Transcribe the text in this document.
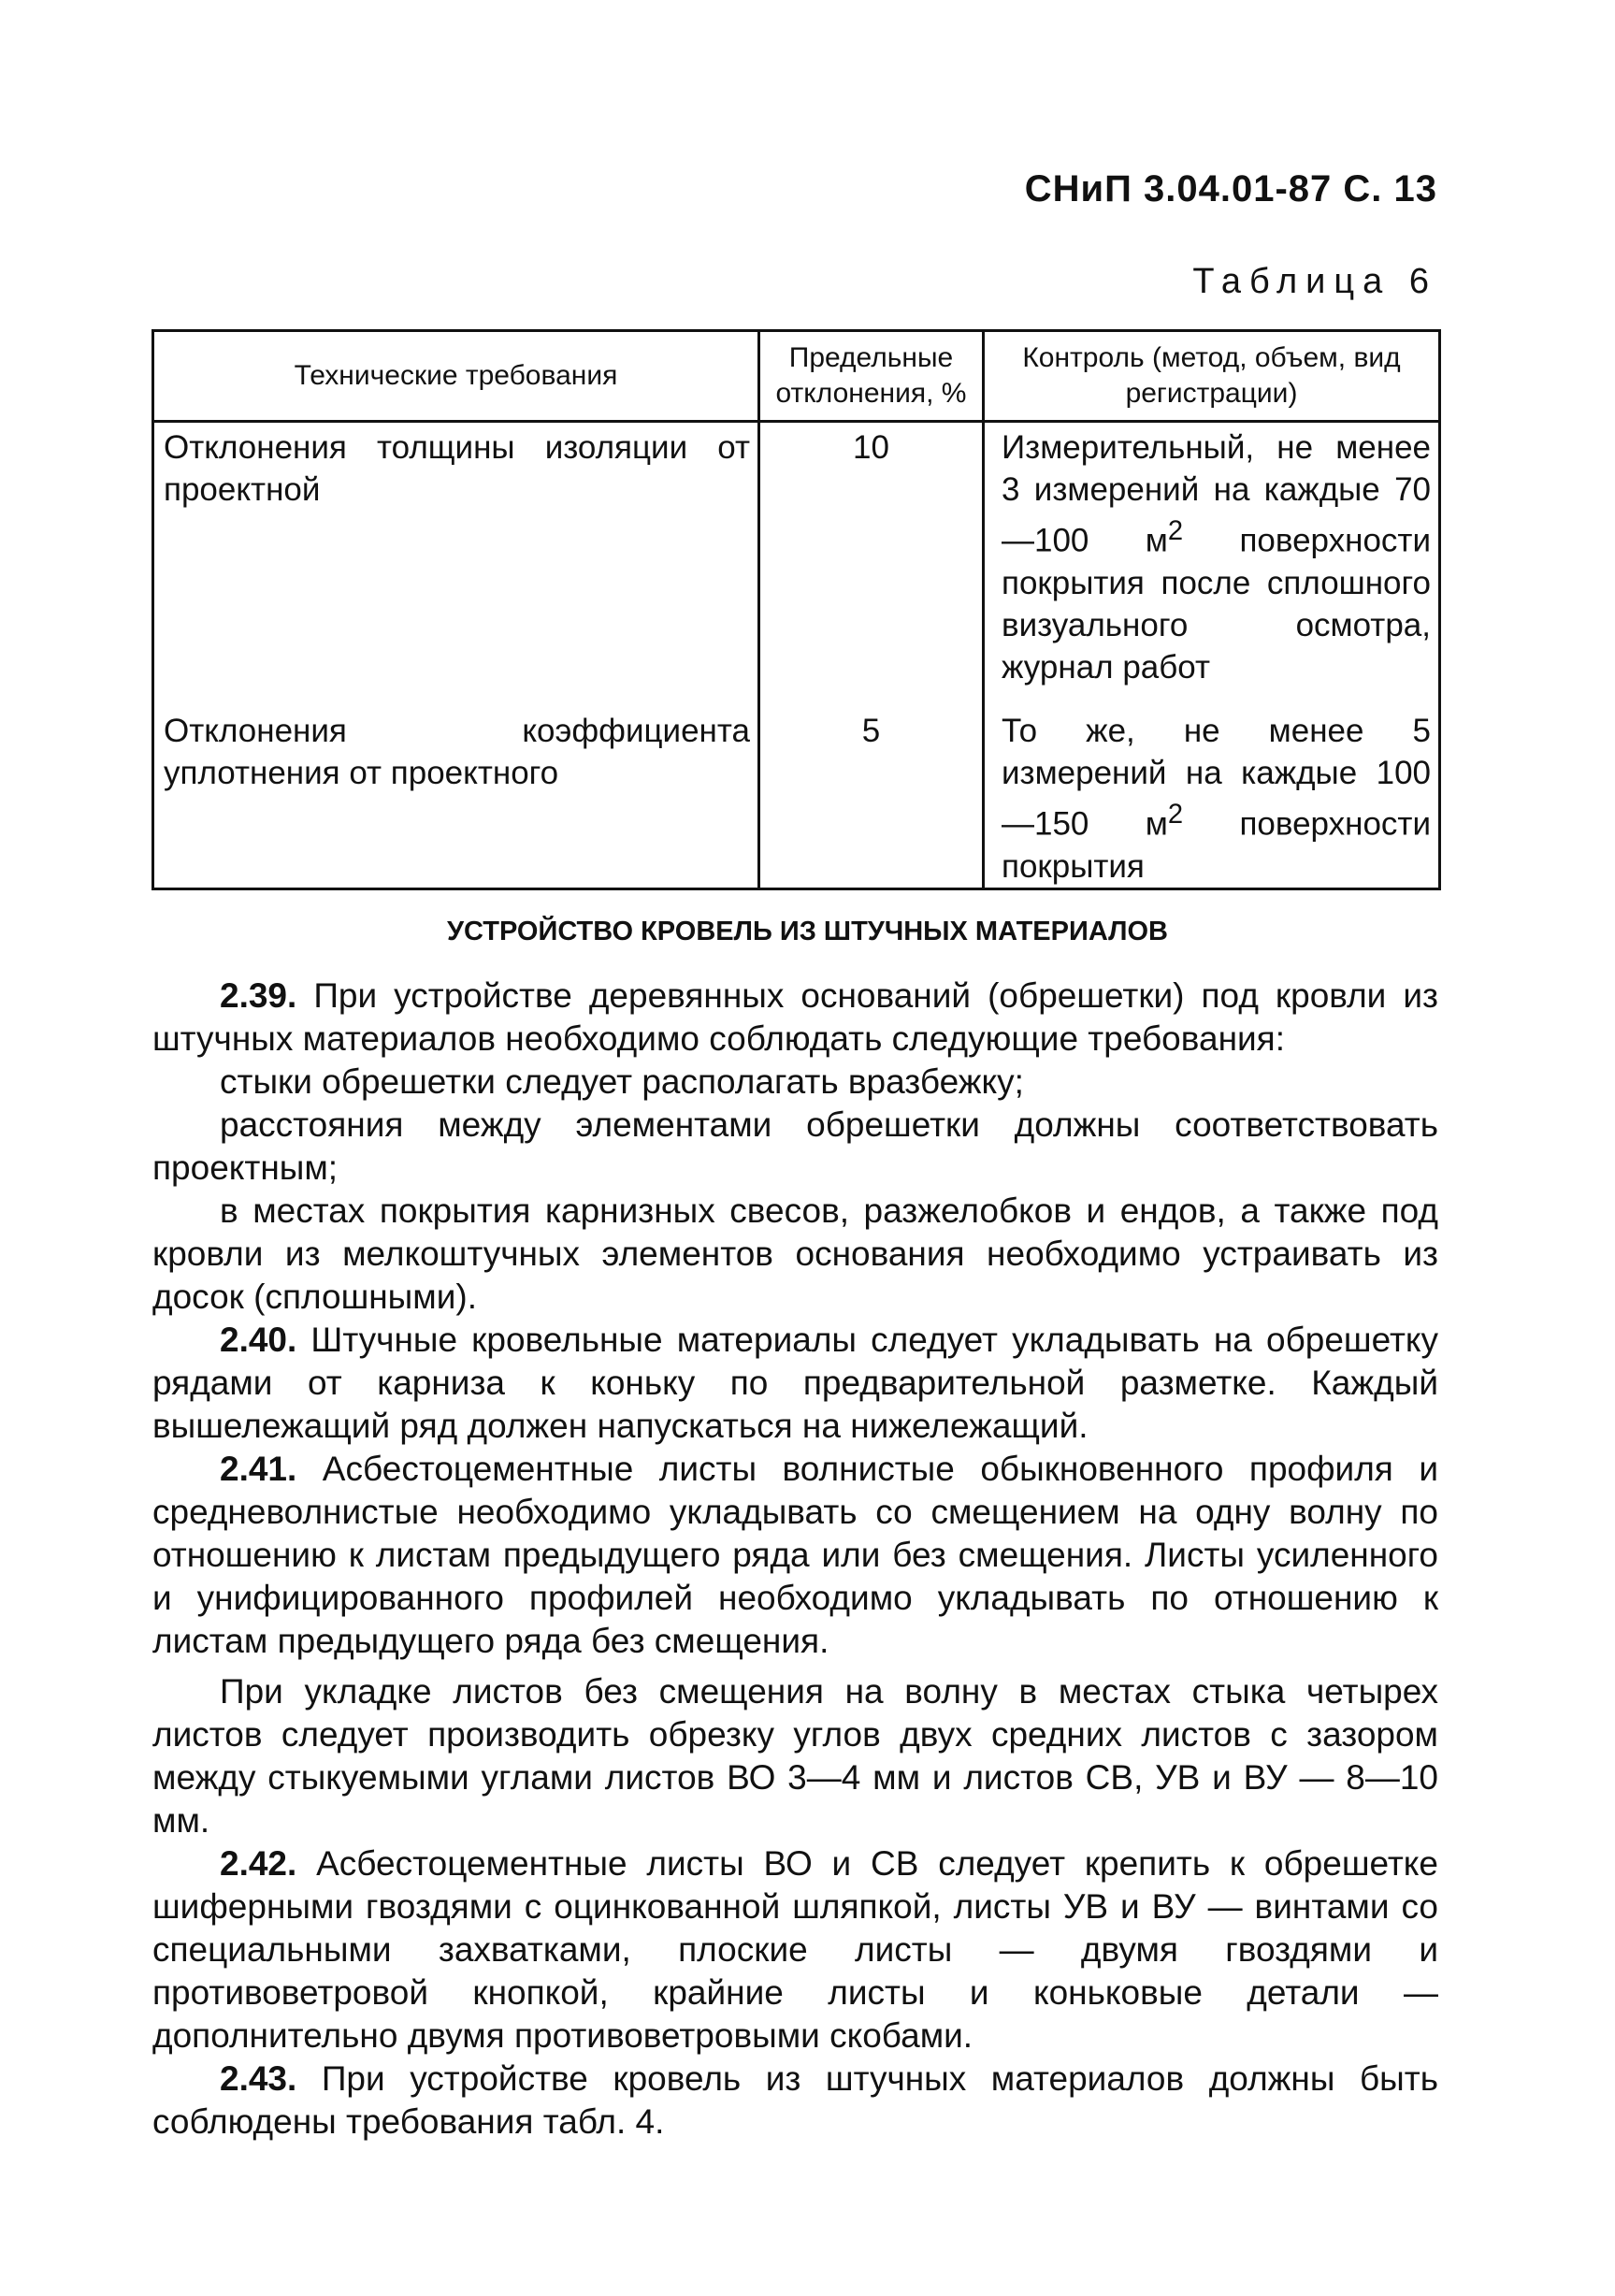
СНиП 3.04.01-87 С. 13
Таблица 6
Технические требования	Предельные отклонения, %	Контроль (метод, объем, вид регистрации)
Отклонения толщины изоляции от проектной	10	Измерительный, не менее 3 измерений на каждые 70—100 $м^2$ поверхности покрытия после сплошного визуального осмотра, журнал работ
Отклонения коэффициента уплотнения от проектного	5	То же, не менее 5 измерений на каждые 100—150 $м^2$ поверхности покрытия
УСТРОЙСТВО КРОВЕЛЬ ИЗ ШТУЧНЫХ МАТЕРИАЛОВ

2.39. При устройстве деревянных оснований (обрешетки) под кровли из штучных материалов необходимо соблюдать следующие требования:

стыки обрешетки следует располагать вразбежку;

расстояния между элементами обрешетки должны соответствовать проектным;

в местах покрытия карнизных свесов, разжелобков и ендов, а также под кровли из мелкоштучных элементов основания необходимо устраивать из досок (сплошными).

2.40. Штучные кровельные материалы следует укладывать на обрешетку рядами от карниза к коньку по предварительной разметке. Каждый вышележащий ряд должен напускаться на нижележащий.

2.41. Асбестоцементные листы волнистые обыкновенного профиля и средневолнистые необходимо укладывать со смещением на одну волну по отношению к листам предыдущего ряда или без смещения. Листы усиленного и унифицированного профилей необходимо укладывать по отношению к листам предыдущего ряда без смещения.

При укладке листов без смещения на волну в местах стыка четырех листов следует производить обрезку углов двух средних листов с зазором между стыкуемыми углами листов ВО 3—4 мм и листов СВ, УВ и ВУ — 8—10 мм.

2.42. Асбестоцементные листы ВО и СВ следует крепить к обрешетке шиферными гвоздями с оцинкованной шляпкой, листы УВ и ВУ — винтами со специальными захватками, плоские листы — двумя гвоздями и противоветровой кнопкой, крайние листы и коньковые детали — дополнительно двумя противоветровыми скобами.

2.43. При устройстве кровель из штучных материалов должны быть соблюдены требования табл. 4.
